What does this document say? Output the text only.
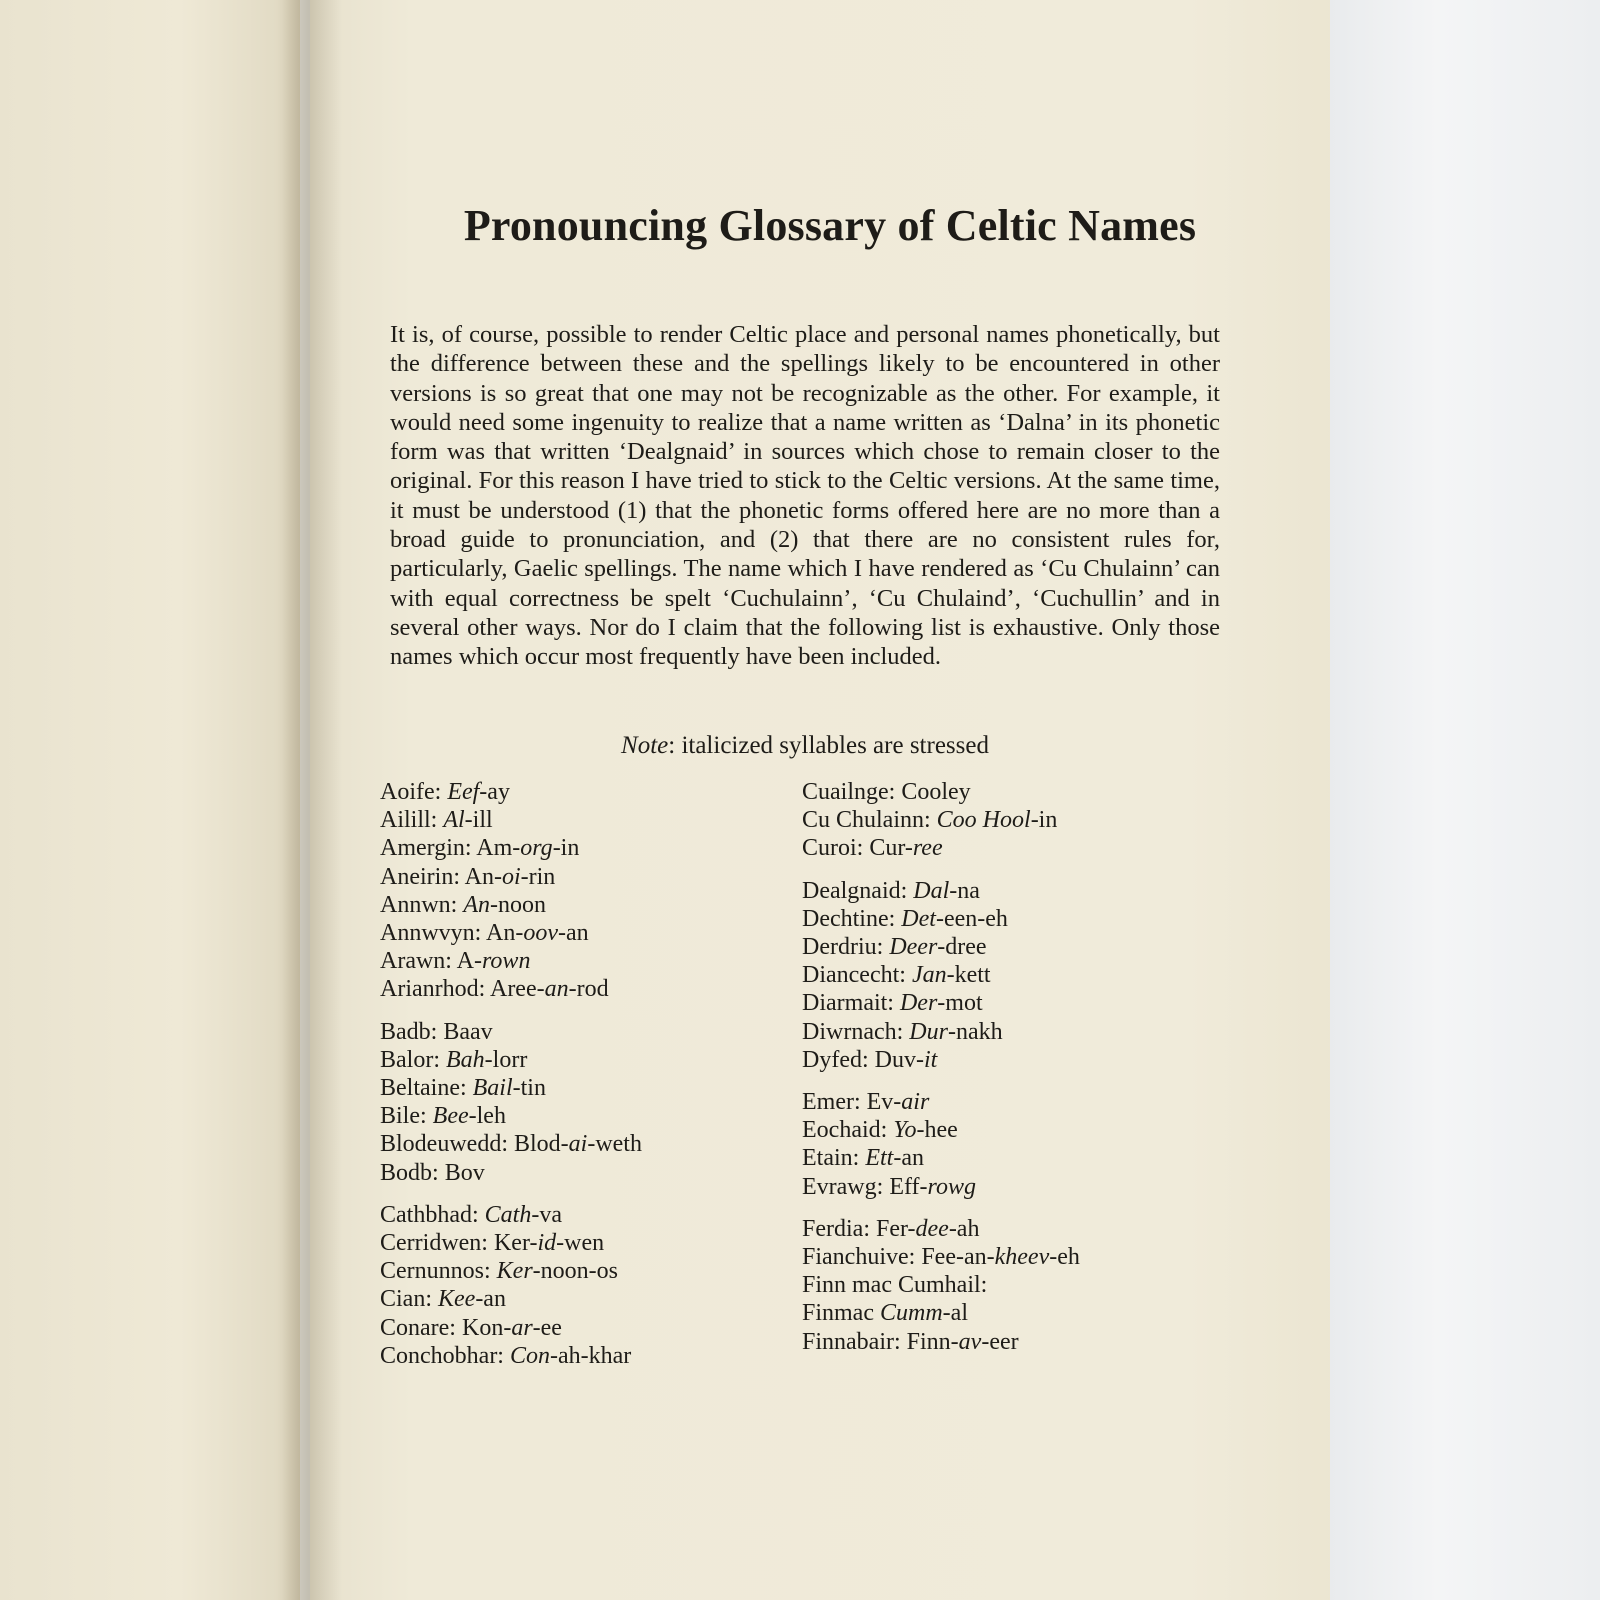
Pronouncing Glossary of Celtic Names
It is, of course, possible to render Celtic place and personal names phonetically, but the difference between these and the spellings likely to be encountered in other versions is so great that one may not be recognizable as the other. For example, it would need some ingenuity to realize that a name written as ‘Dalna’ in its phonetic form was that written ‘Dealgnaid’ in sources which chose to remain closer to the original. For this reason I have tried to stick to the Celtic versions. At the same time, it must be understood (1) that the phonetic forms offered here are no more than a broad guide to pronunciation, and (2) that there are no consistent rules for, particularly, Gaelic spellings. The name which I have rendered as ‘Cu Chulainn’ can with equal correctness be spelt ‘Cuchulainn’, ‘Cu Chulaind’, ‘Cuchullin’ and in several other ways. Nor do I claim that the following list is exhaustive. Only those names which occur most frequently have been included.
Note: italicized syllables are stressed
Aoife: Eef-ay
Ailill: Al-ill
Amergin: Am-org-in
Aneirin: An-oi-rin
Annwn: An-noon
Annwvyn: An-oov-an
Arawn: A-rown
Arianrhod: Aree-an-rod
Badb: Baav
Balor: Bah-lorr
Beltaine: Bail-tin
Bile: Bee-leh
Blodeuwedd: Blod-ai-weth
Bodb: Bov
Cathbhad: Cath-va
Cerridwen: Ker-id-wen
Cernunnos: Ker-noon-os
Cian: Kee-an
Conare: Kon-ar-ee
Conchobhar: Con-ah-khar
Cuailnge: Cooley
Cu Chulainn: Coo Hool-in
Curoi: Cur-ree
Dealgnaid: Dal-na
Dechtine: Det-een-eh
Derdriu: Deer-dree
Diancecht: Jan-kett
Diarmait: Der-mot
Diwrnach: Dur-nakh
Dyfed: Duv-it
Emer: Ev-air
Eochaid: Yo-hee
Etain: Ett-an
Evrawg: Eff-rowg
Ferdia: Fer-dee-ah
Fianchuive: Fee-an-kheev-eh
Finn mac Cumhail:
Finmac Cumm-al
Finnabair: Finn-av-eer
